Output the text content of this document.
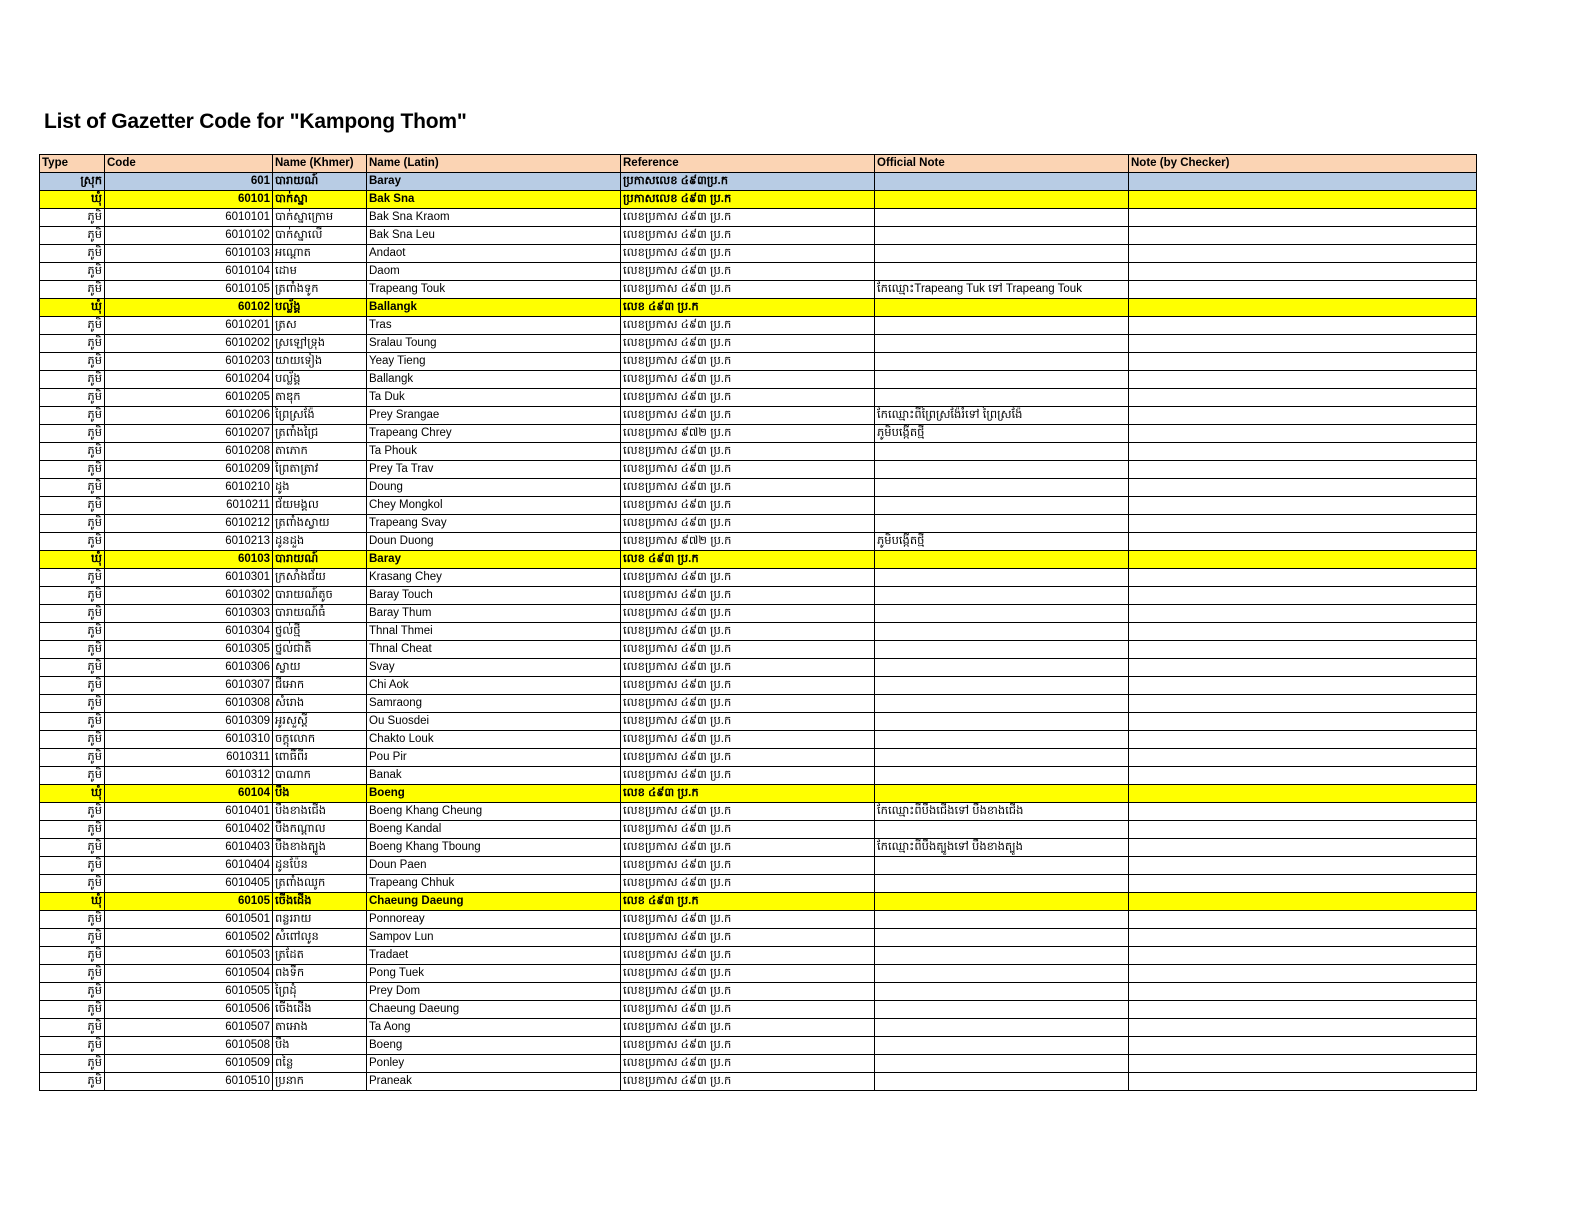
List of Gazetter Code for "Kampong Thom"
Type	Code	Name (Khmer)	Name (Latin)	Reference	Official Note	Note (by Checker)
ស្រុក	601	បារាយណ៍	Baray	ប្រកាសលេខ ៤៩៣ប្រ.ក		
ឃុំ	60101	បាក់ស្នា	Bak Sna	ប្រកាសលេខ ៤៩៣ ប្រ.ក		
ភូមិ	6010101	បាក់ស្នាក្រោម	Bak Sna Kraom	លេខប្រកាស ៤៩៣ ប្រ.ក		
ភូមិ	6010102	បាក់ស្នាលើ	Bak Sna Leu	លេខប្រកាស ៤៩៣ ប្រ.ក		
ភូមិ	6010103	អណ្តោត	Andaot	លេខប្រកាស ៤៩៣ ប្រ.ក		
ភូមិ	6010104	ដោម	Daom	លេខប្រកាស ៤៩៣ ប្រ.ក		
ភូមិ	6010105	ត្រពាំងទូក	Trapeang Touk	លេខប្រកាស ៤៩៣ ប្រ.ក	កែឈ្មោះTrapeang Tuk ទៅ Trapeang Touk	
ឃុំ	60102	បល្ល័ង្គ	Ballangk	លេខ ៤៩៣ ប្រ.ក		
ភូមិ	6010201	ត្រស	Tras	លេខប្រកាស ៤៩៣ ប្រ.ក		
ភូមិ	6010202	ស្រឡៅទ្រុង	Sralau Toung	លេខប្រកាស ៤៩៣ ប្រ.ក		
ភូមិ	6010203	យាយទៀង	Yeay Tieng	លេខប្រកាស ៤៩៣ ប្រ.ក		
ភូមិ	6010204	បល្ល័ង្គ	Ballangk	លេខប្រកាស ៤៩៣ ប្រ.ក		
ភូមិ	6010205	តាឌុក	Ta Duk	លេខប្រកាស ៤៩៣ ប្រ.ក		
ភូមិ	6010206	ព្រៃស្រង៉ែ	Prey Srangae	លេខប្រកាស ៤៩៣ ប្រ.ក	កែឈ្មោះពីព្រៃស្រង៉ែរំទៅ ព្រៃស្រង៉ែ	
ភូមិ	6010207	ត្រពាំងជ្រៃ	Trapeang Chrey	លេខប្រកាស ៩៧២ ប្រ.ក	ភូមិបង្កើតថ្មី	
ភូមិ	6010208	តាភោក	Ta Phouk	លេខប្រកាស ៤៩៣ ប្រ.ក		
ភូមិ	6010209	ព្រៃតាត្រាវ	Prey Ta Trav	លេខប្រកាស ៤៩៣ ប្រ.ក		
ភូមិ	6010210	ដូង	Doung	លេខប្រកាស ៤៩៣ ប្រ.ក		
ភូមិ	6010211	ជ័យមង្គល	Chey Mongkol	លេខប្រកាស ៤៩៣ ប្រ.ក		
ភូមិ	6010212	ត្រពាំងស្វាយ	Trapeang Svay	លេខប្រកាស ៤៩៣ ប្រ.ក		
ភូមិ	6010213	ដូនដួង	Doun Duong	លេខប្រកាស ៩៧២ ប្រ.ក	ភូមិបង្កើតថ្មី	
ឃុំ	60103	បារាយណ៍	Baray	លេខ ៤៩៣ ប្រ.ក		
ភូមិ	6010301	ក្រសាំងជ័យ	Krasang Chey	លេខប្រកាស ៤៩៣ ប្រ.ក		
ភូមិ	6010302	បារាយណ៍តូច	Baray Touch	លេខប្រកាស ៤៩៣ ប្រ.ក		
ភូមិ	6010303	បារាយណ៍ធំ	Baray Thum	លេខប្រកាស ៤៩៣ ប្រ.ក		
ភូមិ	6010304	ថ្នល់ថ្មី	Thnal Thmei	លេខប្រកាស ៤៩៣ ប្រ.ក		
ភូមិ	6010305	ថ្នល់ជាតិ	Thnal Cheat	លេខប្រកាស ៤៩៣ ប្រ.ក		
ភូមិ	6010306	ស្វាយ	Svay	លេខប្រកាស ៤៩៣ ប្រ.ក		
ភូមិ	6010307	ជីអោក	Chi Aok	លេខប្រកាស ៤៩៣ ប្រ.ក		
ភូមិ	6010308	សំរោង	Samraong	លេខប្រកាស ៤៩៣ ប្រ.ក		
ភូមិ	6010309	អូរសួស្តី	Ou Suosdei	លេខប្រកាស ៤៩៣ ប្រ.ក		
ភូមិ	6010310	ចក្តុលោក	Chakto Louk	លេខប្រកាស ៤៩៣ ប្រ.ក		
ភូមិ	6010311	ពោធិ៍ពីរ	Pou Pir	លេខប្រកាស ៤៩៣ ប្រ.ក		
ភូមិ	6010312	បាណាក	Banak	លេខប្រកាស ៤៩៣ ប្រ.ក		
ឃុំ	60104	បឹង	Boeng	លេខ ៤៩៣ ប្រ.ក		
ភូមិ	6010401	បឹងខាងជើង	Boeng Khang Cheung	លេខប្រកាស ៤៩៣ ប្រ.ក	កែឈ្មោះពីបឹងជើងទៅ បឹងខាងជើង	
ភូមិ	6010402	បឹងកណ្តាល	Boeng Kandal	លេខប្រកាស ៤៩៣ ប្រ.ក		
ភូមិ	6010403	បឹងខាងត្បូង	Boeng Khang Tboung	លេខប្រកាស ៤៩៣ ប្រ.ក	កែឈ្មោះពីបឹងត្បូងទៅ បឹងខាងត្បូង	
ភូមិ	6010404	ដូនប៉ែន	Doun Paen	លេខប្រកាស ៤៩៣ ប្រ.ក		
ភូមិ	6010405	ត្រពាំងឈូក	Trapeang Chhuk	លេខប្រកាស ៤៩៣ ប្រ.ក		
ឃុំ	60105	ចើងដើង	Chaeung Daeung	លេខ ៤៩៣ ប្រ.ក		
ភូមិ	6010501	ពន្លររាយ	Ponnoreay	លេខប្រកាស ៤៩៣ ប្រ.ក		
ភូមិ	6010502	សំពៅលូន	Sampov Lun	លេខប្រកាស ៤៩៣ ប្រ.ក		
ភូមិ	6010503	ត្រដែត	Tradaet	លេខប្រកាស ៤៩៣ ប្រ.ក		
ភូមិ	6010504	ពងទឹក	Pong Tuek	លេខប្រកាស ៤៩៣ ប្រ.ក		
ភូមិ	6010505	ព្រៃដុំ	Prey Dom	លេខប្រកាស ៤៩៣ ប្រ.ក		
ភូមិ	6010506	ចើងដើង	Chaeung Daeung	លេខប្រកាស ៤៩៣ ប្រ.ក		
ភូមិ	6010507	តាអោង	Ta Aong	លេខប្រកាស ៤៩៣ ប្រ.ក		
ភូមិ	6010508	បឹង	Boeng	លេខប្រកាស ៤៩៣ ប្រ.ក		
ភូមិ	6010509	ពន្លៃ	Ponley	លេខប្រកាស ៤៩៣ ប្រ.ក		
ភូមិ	6010510	ប្រនាក	Praneak	លេខប្រកាស ៤៩៣ ប្រ.ក		
